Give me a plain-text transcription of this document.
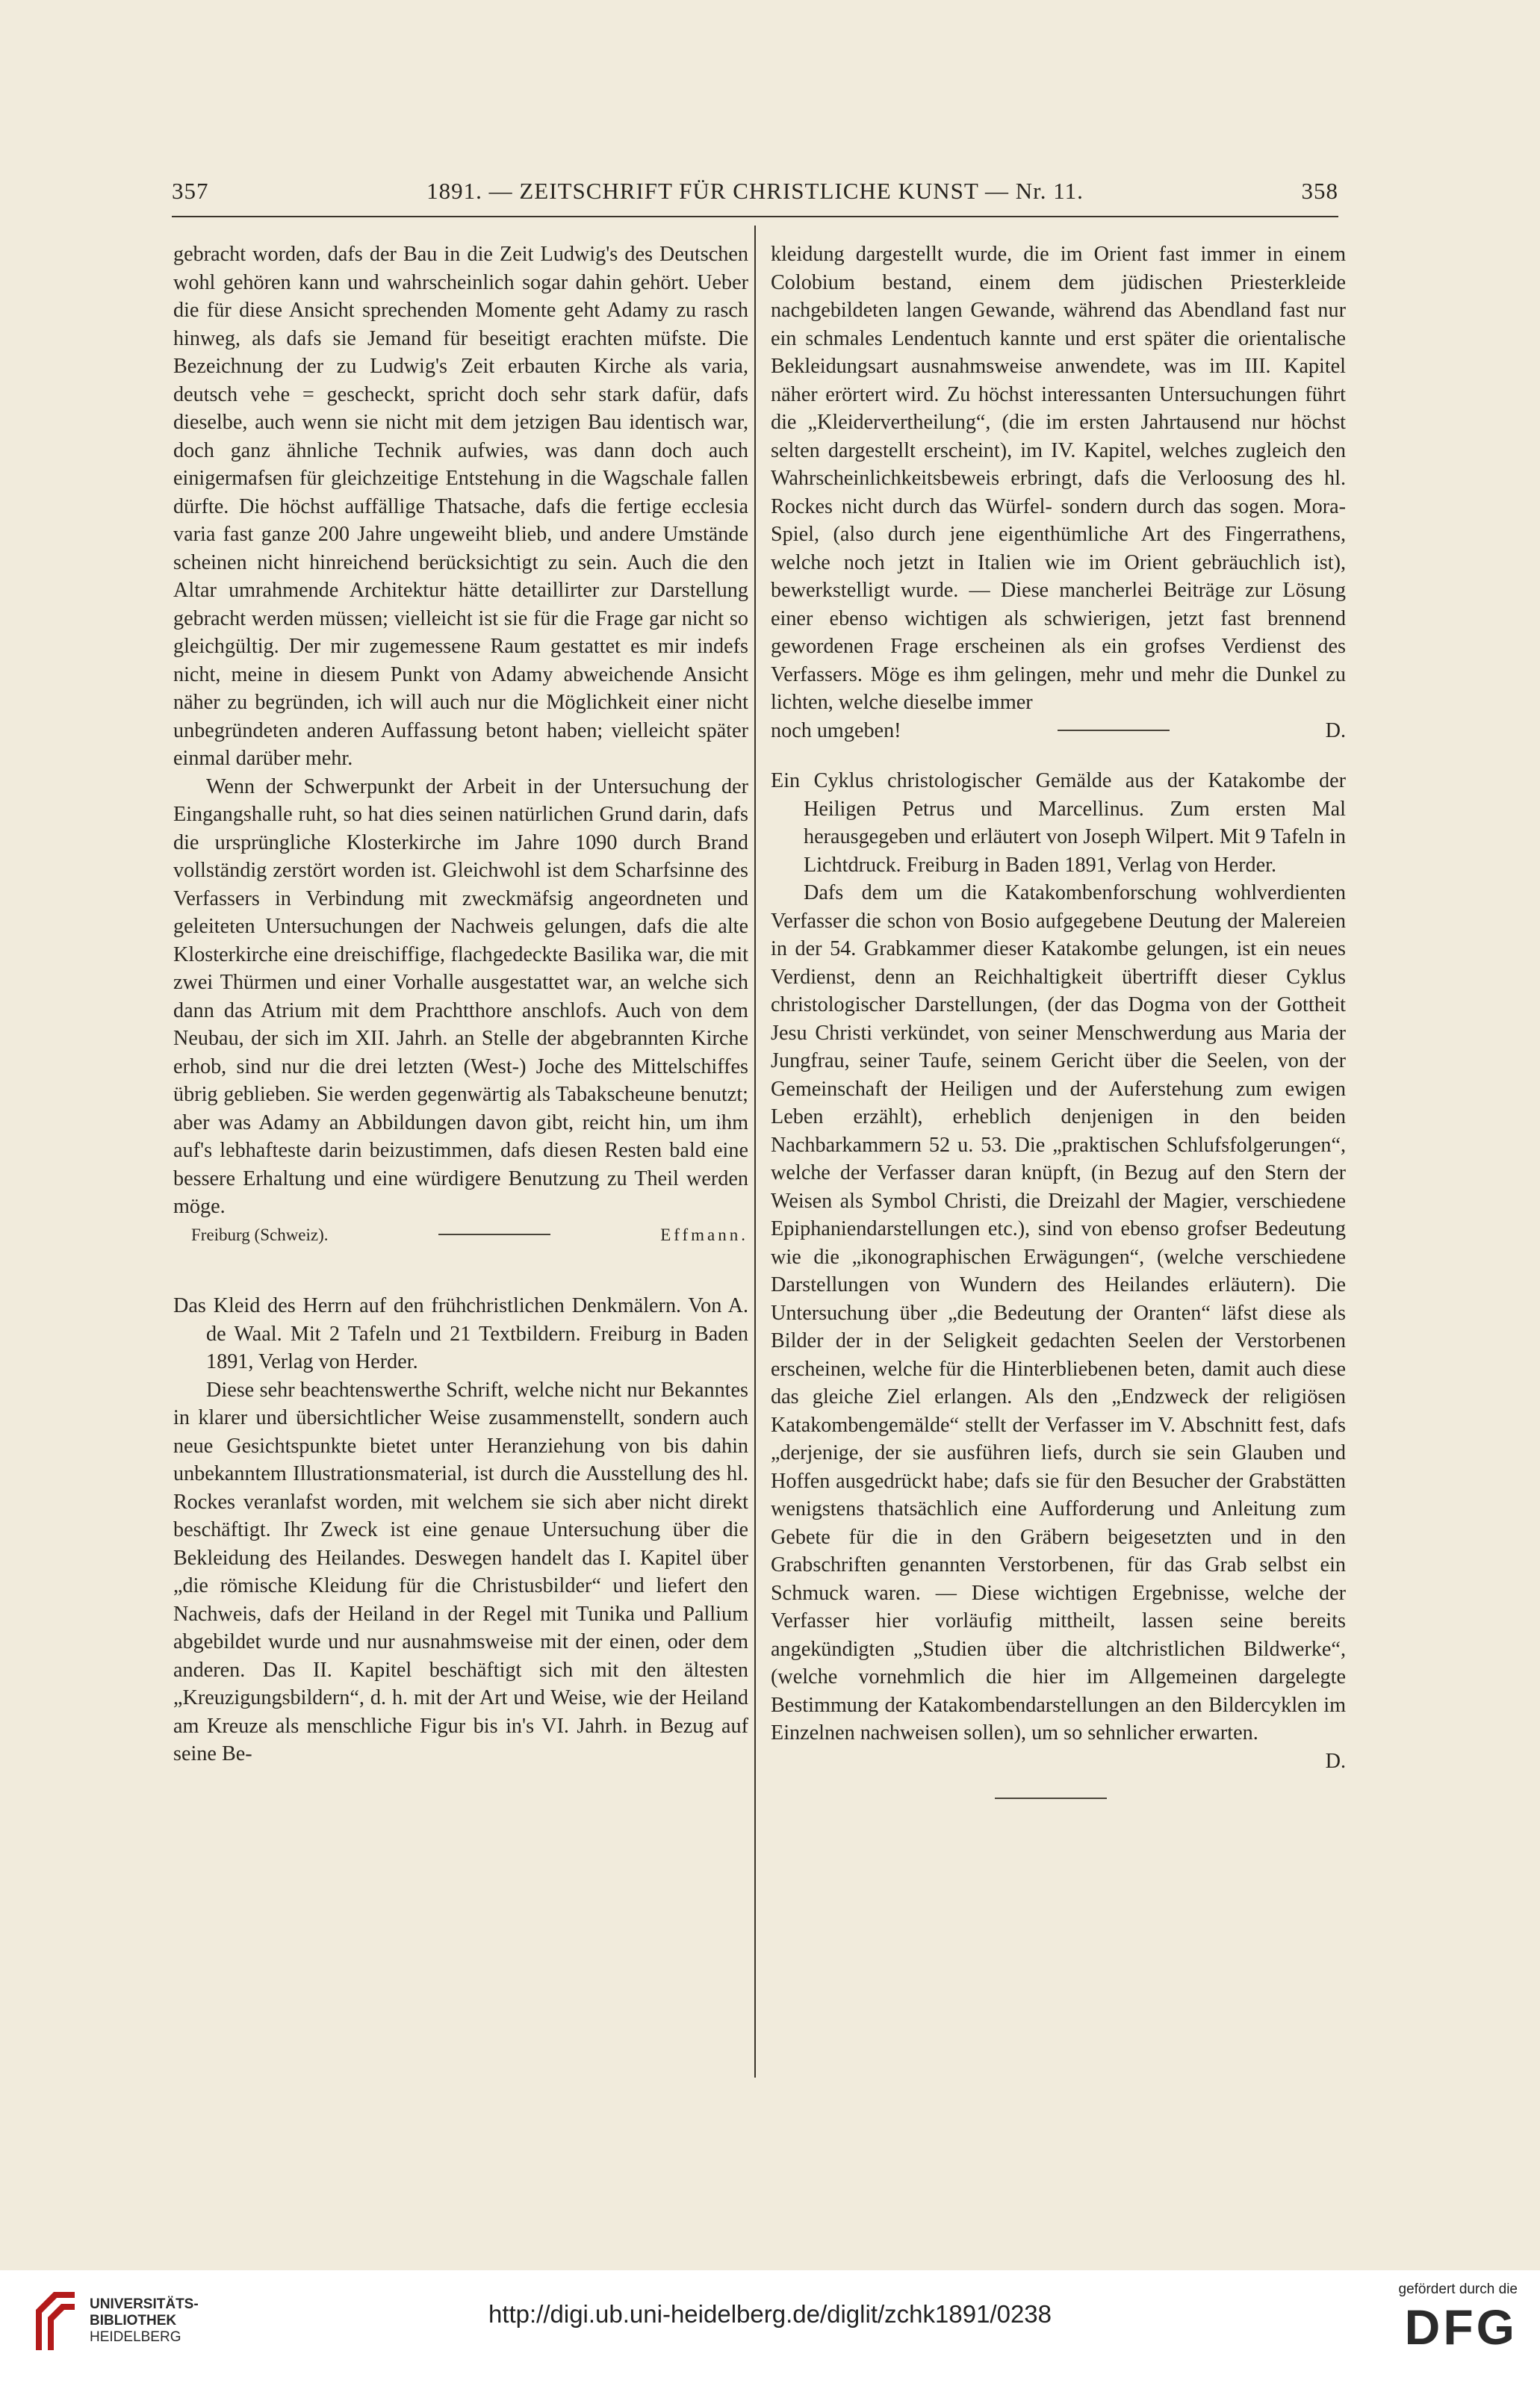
357	1891. — ZEITSCHRIFT FÜR CHRISTLICHE KUNST — Nr. 11.	358

gebracht worden, dafs der Bau in die Zeit Ludwig's des Deutschen wohl gehören kann und wahrscheinlich sogar dahin gehört. Ueber die für diese Ansicht sprechenden Momente geht Adamy zu rasch hinweg, als dafs sie Jemand für beseitigt erachten müfste. Die Bezeichnung der zu Ludwig's Zeit erbauten Kirche als varia, deutsch vehe = gescheckt, spricht doch sehr stark dafür, dafs dieselbe, auch wenn sie nicht mit dem jetzigen Bau identisch war, doch ganz ähnliche Technik aufwies, was dann doch auch einigermafsen für gleichzeitige Entstehung in die Wagschale fallen dürfte. Die höchst auffällige Thatsache, dafs die fertige ecclesia varia fast ganze 200 Jahre ungeweiht blieb, und andere Umstände scheinen nicht hinreichend berücksichtigt zu sein. Auch die den Altar umrahmende Architektur hätte detaillirter zur Darstellung gebracht werden müssen; vielleicht ist sie für die Frage gar nicht so gleichgültig. Der mir zugemessene Raum gestattet es mir indefs nicht, meine in diesem Punkt von Adamy abweichende Ansicht näher zu begründen, ich will auch nur die Möglichkeit einer nicht unbegründeten anderen Auffassung betont haben; vielleicht später einmal darüber mehr.

Wenn der Schwerpunkt der Arbeit in der Untersuchung der Eingangshalle ruht, so hat dies seinen natürlichen Grund darin, dafs die ursprüngliche Klosterkirche im Jahre 1090 durch Brand vollständig zerstört worden ist. Gleichwohl ist dem Scharfsinne des Verfassers in Verbindung mit zweckmäfsig angeordneten und geleiteten Untersuchungen der Nachweis gelungen, dafs die alte Klosterkirche eine dreischiffige, flachgedeckte Basilika war, die mit zwei Thürmen und einer Vorhalle ausgestattet war, an welche sich dann das Atrium mit dem Prachtthore anschlofs. Auch von dem Neubau, der sich im XII. Jahrh. an Stelle der abgebrannten Kirche erhob, sind nur die drei letzten (West-) Joche des Mittelschiffes übrig geblieben. Sie werden gegenwärtig als Tabakscheune benutzt; aber was Adamy an Abbildungen davon gibt, reicht hin, um ihm auf's lebhafteste darin beizustimmen, dafs diesen Resten bald eine bessere Erhaltung und eine würdigere Benutzung zu Theil werden möge.

Freiburg (Schweiz).	Effmann.

Das Kleid des Herrn auf den frühchristlichen Denkmälern. Von A. de Waal. Mit 2 Tafeln und 21 Textbildern. Freiburg in Baden 1891, Verlag von Herder.

Diese sehr beachtenswerthe Schrift, welche nicht nur Bekanntes in klarer und übersichtlicher Weise zusammenstellt, sondern auch neue Gesichtspunkte bietet unter Heranziehung von bis dahin unbekanntem Illustrationsmaterial, ist durch die Ausstellung des hl. Rockes veranlafst worden, mit welchem sie sich aber nicht direkt beschäftigt. Ihr Zweck ist eine genaue Untersuchung über die Bekleidung des Heilandes. Deswegen handelt das I. Kapitel über „die römische Kleidung für die Christusbilder“ und liefert den Nachweis, dafs der Heiland in der Regel mit Tunika und Pallium abgebildet wurde und nur ausnahmsweise mit der einen, oder dem anderen. Das II. Kapitel beschäftigt sich mit den ältesten „Kreuzigungsbildern“, d. h. mit der Art und Weise, wie der Heiland am Kreuze als menschliche Figur bis in's VI. Jahrh. in Bezug auf seine Be-

kleidung dargestellt wurde, die im Orient fast immer in einem Colobium bestand, einem dem jüdischen Priesterkleide nachgebildeten langen Gewande, während das Abendland fast nur ein schmales Lendentuch kannte und erst später die orientalische Bekleidungsart ausnahmsweise anwendete, was im III. Kapitel näher erörtert wird. Zu höchst interessanten Untersuchungen führt die „Kleidervertheilung“, (die im ersten Jahrtausend nur höchst selten dargestellt erscheint), im IV. Kapitel, welches zugleich den Wahrscheinlichkeitsbeweis erbringt, dafs die Verloosung des hl. Rockes nicht durch das Würfel- sondern durch das sogen. Mora-Spiel, (also durch jene eigenthümliche Art des Fingerrathens, welche noch jetzt in Italien wie im Orient gebräuchlich ist), bewerkstelligt wurde. — Diese mancherlei Beiträge zur Lösung einer ebenso wichtigen als schwierigen, jetzt fast brennend gewordenen Frage erscheinen als ein grofses Verdienst des Verfassers. Möge es ihm gelingen, mehr und mehr die Dunkel zu lichten, welche dieselbe immer

noch umgeben!	D.

Ein Cyklus christologischer Gemälde aus der Katakombe der Heiligen Petrus und Marcellinus. Zum ersten Mal herausgegeben und erläutert von Joseph Wilpert. Mit 9 Tafeln in Lichtdruck. Freiburg in Baden 1891, Verlag von Herder.

Dafs dem um die Katakombenforschung wohlverdienten Verfasser die schon von Bosio aufgegebene Deutung der Malereien in der 54. Grabkammer dieser Katakombe gelungen, ist ein neues Verdienst, denn an Reichhaltigkeit übertrifft dieser Cyklus christologischer Darstellungen, (der das Dogma von der Gottheit Jesu Christi verkündet, von seiner Menschwerdung aus Maria der Jungfrau, seiner Taufe, seinem Gericht über die Seelen, von der Gemeinschaft der Heiligen und der Auferstehung zum ewigen Leben erzählt), erheblich denjenigen in den beiden Nachbarkammern 52 u. 53. Die „praktischen Schlufsfolgerungen“, welche der Verfasser daran knüpft, (in Bezug auf den Stern der Weisen als Symbol Christi, die Dreizahl der Magier, verschiedene Epiphaniendarstellungen etc.), sind von ebenso grofser Bedeutung wie die „ikonographischen Erwägungen“, (welche verschiedene Darstellungen von Wundern des Heilandes erläutern). Die Untersuchung über „die Bedeutung der Oranten“ läfst diese als Bilder der in der Seligkeit gedachten Seelen der Verstorbenen erscheinen, welche für die Hinterbliebenen beten, damit auch diese das gleiche Ziel erlangen. Als den „Endzweck der religiösen Katakombengemälde“ stellt der Verfasser im V. Abschnitt fest, dafs „derjenige, der sie ausführen liefs, durch sie sein Glauben und Hoffen ausgedrückt habe; dafs sie für den Besucher der Grabstätten wenigstens thatsächlich eine Aufforderung und Anleitung zum Gebete für die in den Gräbern beigesetzten und in den Grabschriften genannten Verstorbenen, für das Grab selbst ein Schmuck waren. — Diese wichtigen Ergebnisse, welche der Verfasser hier vorläufig mittheilt, lassen seine bereits angekündigten „Studien über die altchristlichen Bildwerke“, (welche vornehmlich die hier im Allgemeinen dargelegte Bestimmung der Katakombendarstellungen an den Bildercyklen im Einzelnen nachweisen sollen), um so sehnlicher erwarten.

D.
UNIVERSITÄTS-
BIBLIOTHEK
HEIDELBERG
http://digi.ub.uni-heidelberg.de/diglit/zchk1891/0238
gefördert durch die
DFG
